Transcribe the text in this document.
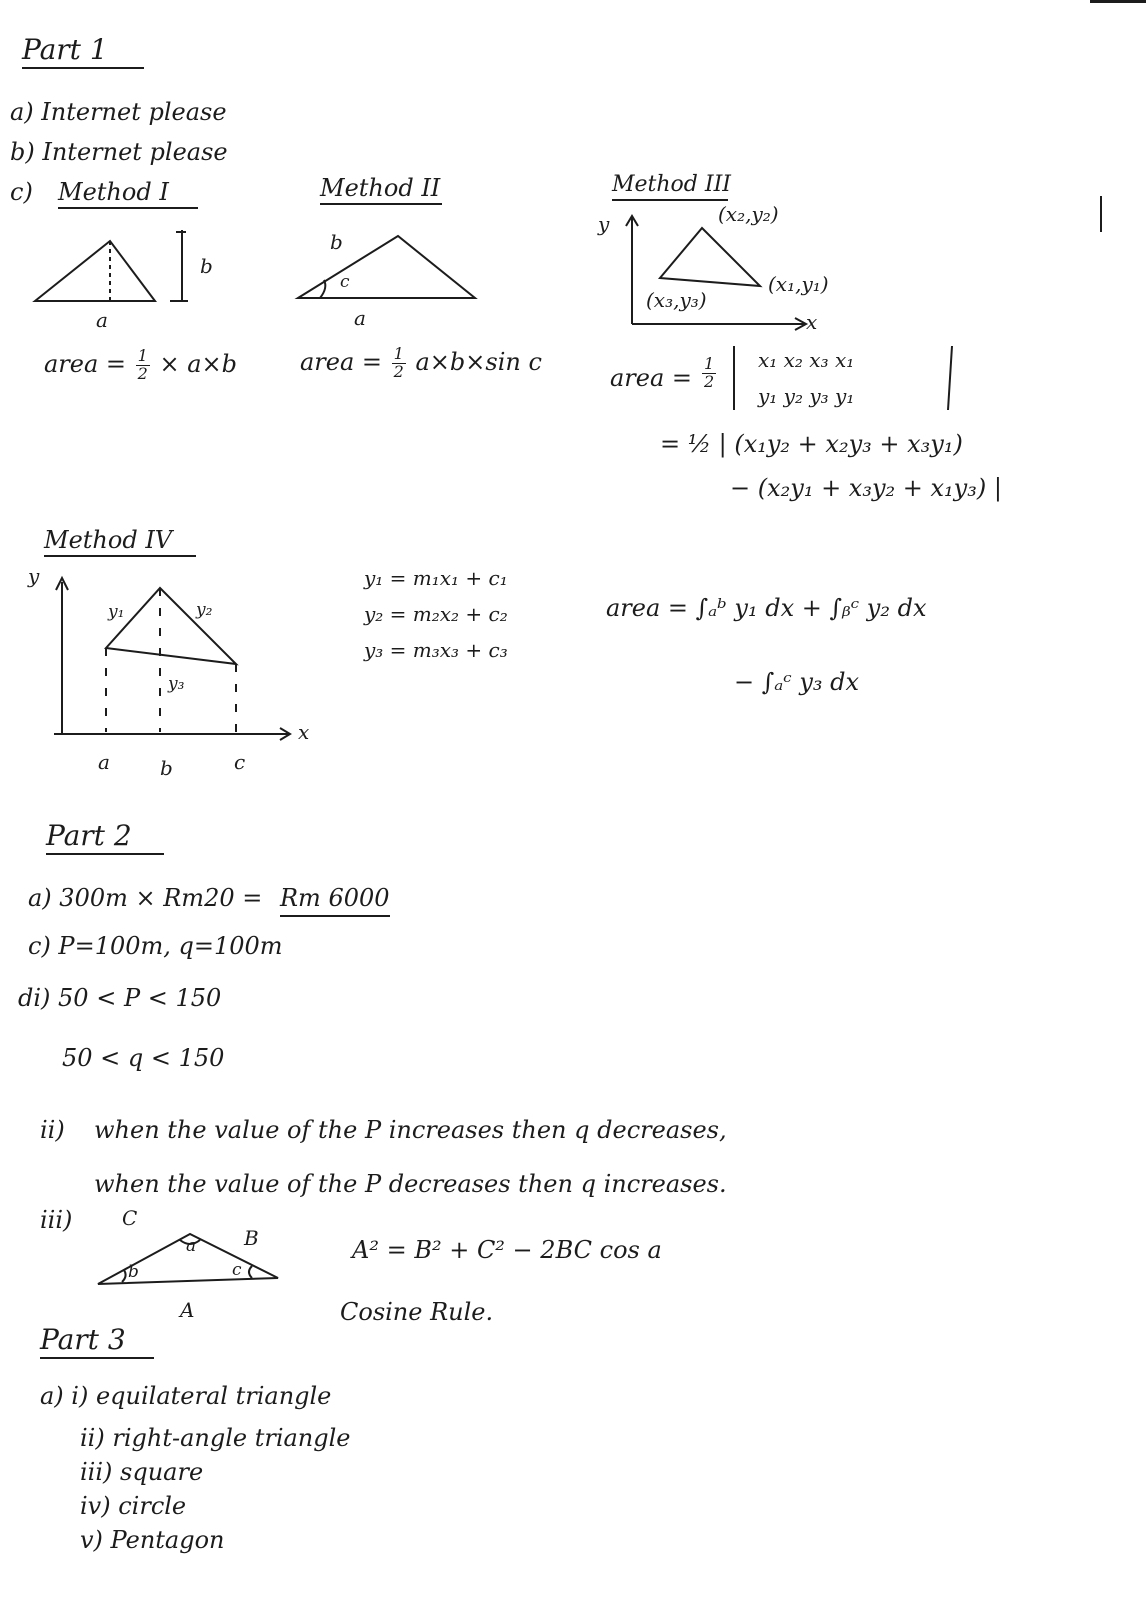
Part 1
a) Internet please
b) Internet please
c) Method I
b
a
area = $\frac{1}{2} \times a\times b$
Method II
b
c
a
area = $\frac{1}{2} a\times b\times\sin$ c
Method III
y
x
(x₂,y₂)
(x₁,y₁)
(x₃,y₃)
area = $\frac{1}{2} x_1$ x₂ x₃ x₁
y₁ y₂ y₃ y₁
= ½ | (x₁y₂ + x₂y₃ + x₃y₁)
− (x₂y₁ + x₃y₂ + x₁y₃) |
Method IV
y
x
y₁	y₂
y₃
a	b	c
y₁ = m₁x₁ + c₁
y₂ = m₂x₂ + c₂
y₃ = m₃x₃ + c₃
area = ∫ₐᵇ y₁ dx + ∫ᵦᶜ y₂ dx
− ∫ₐᶜ y₃ dx
Part 2
a) 300m × Rm20 = Rm 6000
c) P=100m, q=100m
di) 50 < P < 150
50 < q < 150
ii) when the value of the P increases then q decreases,
when the value of the P decreases then q increases.
iii) C
B
a
b	c
A
A² = B² + C² − 2BC cos a
Cosine Rule.
Part 3
a) i) equilateral triangle
ii) right-angle triangle
iii) square
iv) circle
v) Pentagon
